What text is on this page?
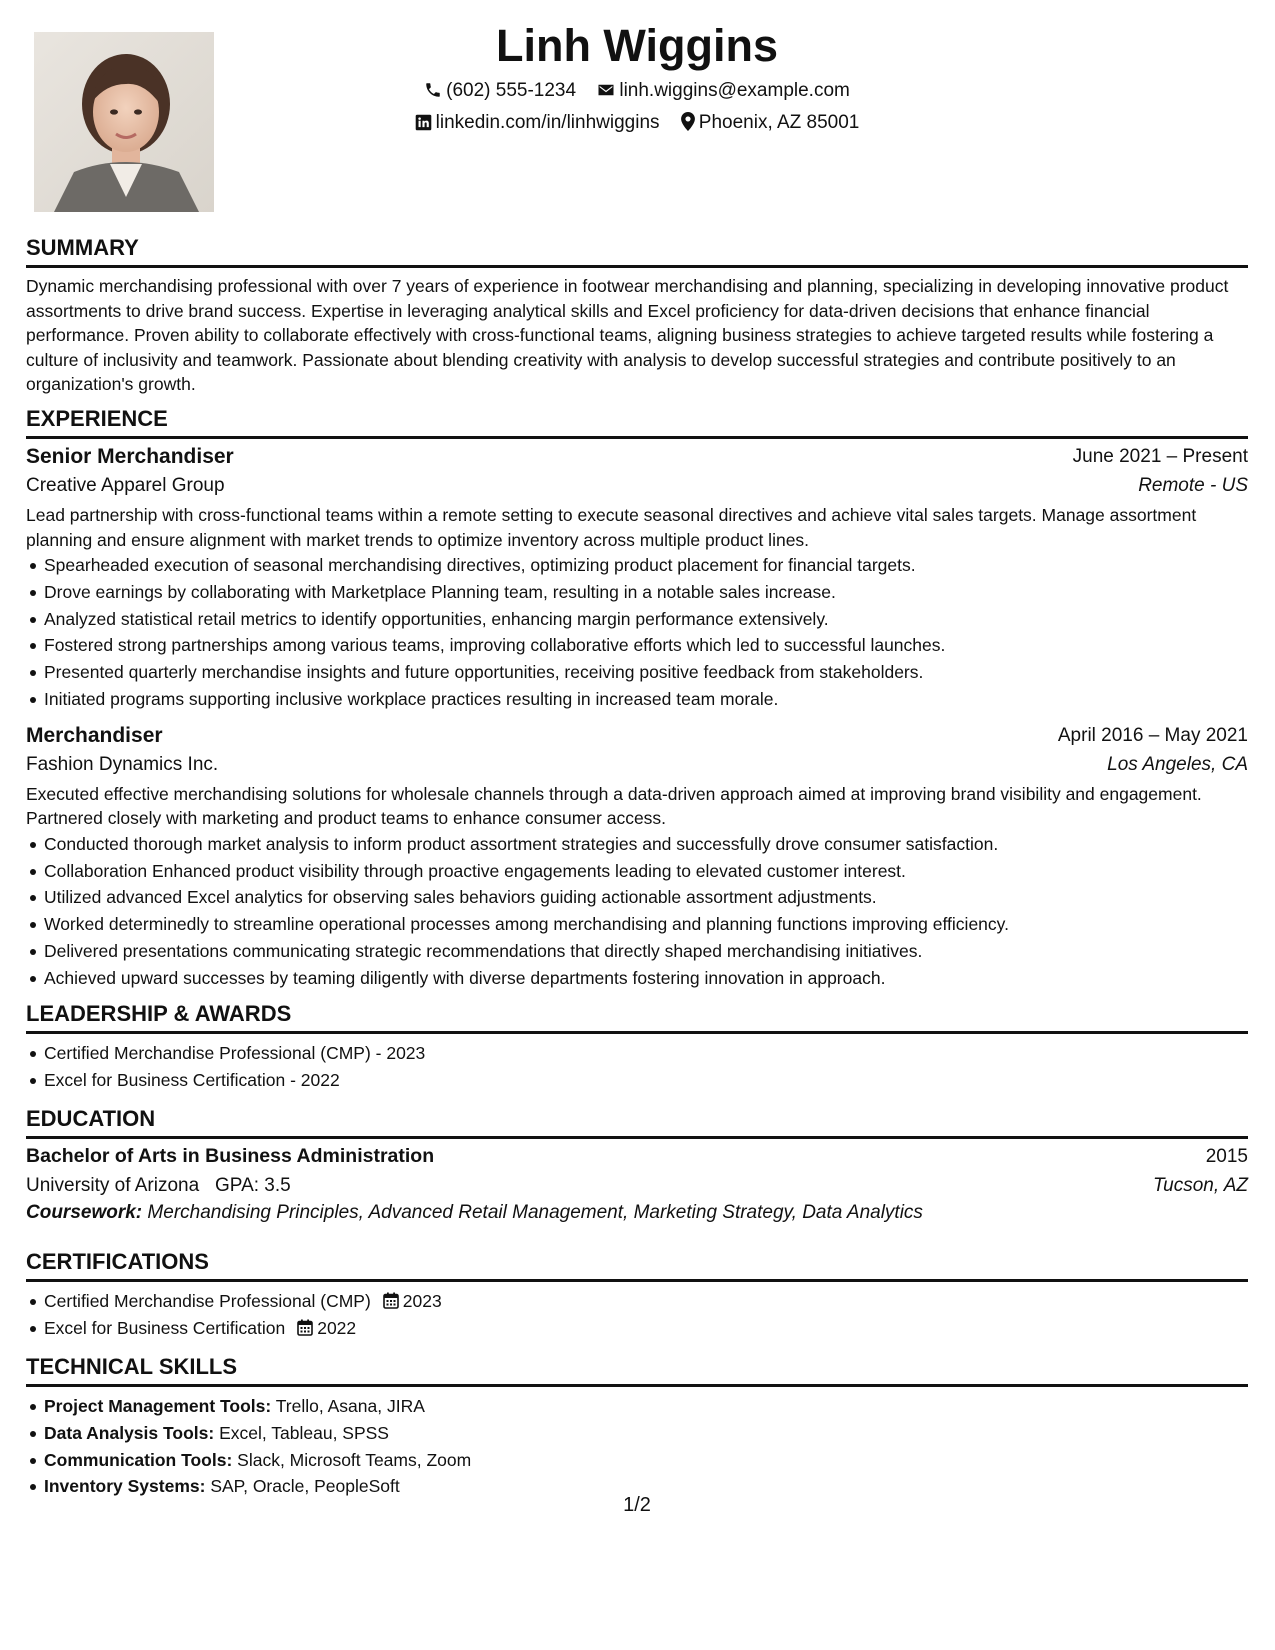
Linh Wiggins
(602) 555-1234 linh.wiggins@example.com
linkedin.com/in/linhwiggins Phoenix, AZ 85001
SUMMARY
Dynamic merchandising professional with over 7 years of experience in footwear merchandising and planning, specializing in developing innovative product assortments to drive brand success. Expertise in leveraging analytical skills and Excel proficiency for data-driven decisions that enhance financial performance. Proven ability to collaborate effectively with cross-functional teams, aligning business strategies to achieve targeted results while fostering a culture of inclusivity and teamwork. Passionate about blending creativity with analysis to develop successful strategies and contribute positively to an organization's growth.
EXPERIENCE
Senior Merchandiser	June 2021 – Present
Creative Apparel Group	Remote - US
Lead partnership with cross-functional teams within a remote setting to execute seasonal directives and achieve vital sales targets. Manage assortment planning and ensure alignment with market trends to optimize inventory across multiple product lines.
Spearheaded execution of seasonal merchandising directives, optimizing product placement for financial targets.
Drove earnings by collaborating with Marketplace Planning team, resulting in a notable sales increase.
Analyzed statistical retail metrics to identify opportunities, enhancing margin performance extensively.
Fostered strong partnerships among various teams, improving collaborative efforts which led to successful launches.
Presented quarterly merchandise insights and future opportunities, receiving positive feedback from stakeholders.
Initiated programs supporting inclusive workplace practices resulting in increased team morale.
Merchandiser	April 2016 – May 2021
Fashion Dynamics Inc.	Los Angeles, CA
Executed effective merchandising solutions for wholesale channels through a data-driven approach aimed at improving brand visibility and engagement. Partnered closely with marketing and product teams to enhance consumer access.
Conducted thorough market analysis to inform product assortment strategies and successfully drove consumer satisfaction.
Collaboration Enhanced product visibility through proactive engagements leading to elevated customer interest.
Utilized advanced Excel analytics for observing sales behaviors guiding actionable assortment adjustments.
Worked determinedly to streamline operational processes among merchandising and planning functions improving efficiency.
Delivered presentations communicating strategic recommendations that directly shaped merchandising initiatives.
Achieved upward successes by teaming diligently with diverse departments fostering innovation in approach.
LEADERSHIP & AWARDS
Certified Merchandise Professional (CMP) - 2023
Excel for Business Certification - 2022
EDUCATION
Bachelor of Arts in Business Administration	2015
University of Arizona GPA: 3.5	Tucson, AZ
Coursework: Merchandising Principles, Advanced Retail Management, Marketing Strategy, Data Analytics
CERTIFICATIONS
Certified Merchandise Professional (CMP) 2023
Excel for Business Certification 2022
TECHNICAL SKILLS
Project Management Tools: Trello, Asana, JIRA
Data Analysis Tools: Excel, Tableau, SPSS
Communication Tools: Slack, Microsoft Teams, Zoom
Inventory Systems: SAP, Oracle, PeopleSoft
1/2
